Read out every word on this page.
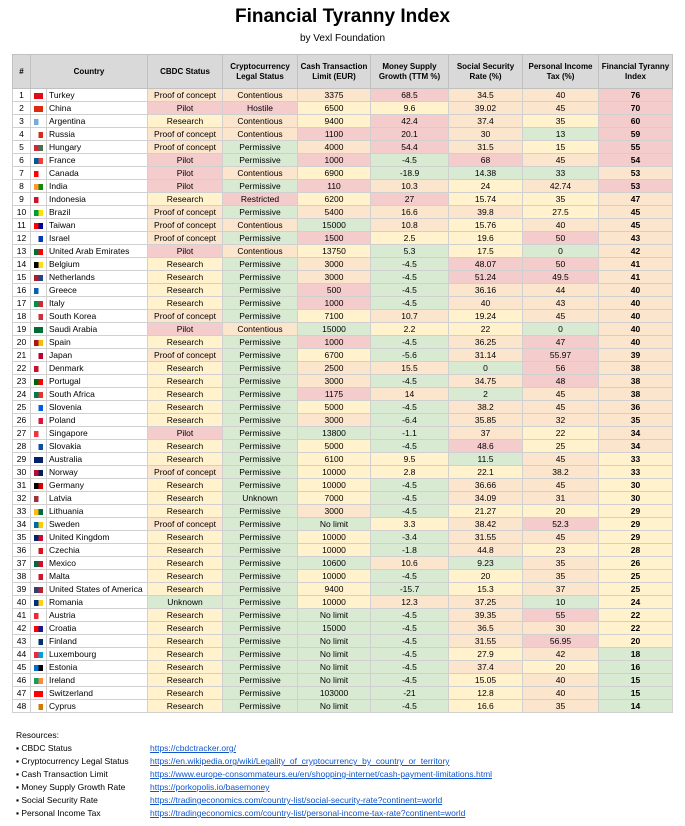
Financial Tyranny Index
by Vexl Foundation
#	Country		CBDC Status	Cryptocurrency Legal Status	Cash Transaction Limit (EUR)	Money Supply Growth (TTM %)	Social Security Rate (%)	Personal Income Tax (%)	Financial Tyranny Index
1		Turkey	Proof of concept	Contentious	3375	68.5	34.5	40	76
2		China	Pilot	Hostile	6500	9.6	39.02	45	70
3		Argentina	Research	Contentious	9400	42.4	37.4	35	60
4		Russia	Proof of concept	Contentious	1100	20.1	30	13	59
5		Hungary	Proof of concept	Permissive	4000	54.4	31.5	15	55
6		France	Pilot	Permissive	1000	-4.5	68	45	54
7		Canada	Pilot	Contentious	6900	-18.9	14.38	33	53
8		India	Pilot	Permissive	110	10.3	24	42.74	53
9		Indonesia	Research	Restricted	6200	27	15.74	35	47
10		Brazil	Proof of concept	Permissive	5400	16.6	39.8	27.5	45
11		Taiwan	Proof of concept	Contentious	15000	10.8	15.76	40	45
12		Israel	Proof of concept	Permissive	1500	2.5	19.6	50	43
13		United Arab Emirates	Pilot	Contentious	13750	5.3	17.5	0	42
14		Belgium	Research	Permissive	3000	-4.5	48.07	50	41
15		Netherlands	Research	Permissive	3000	-4.5	51.24	49.5	41
16		Greece	Research	Permissive	500	-4.5	36.16	44	40
17		Italy	Research	Permissive	1000	-4.5	40	43	40
18		South Korea	Proof of concept	Permissive	7100	10.7	19.24	45	40
19		Saudi Arabia	Pilot	Contentious	15000	2.2	22	0	40
20		Spain	Research	Permissive	1000	-4.5	36.25	47	40
21		Japan	Proof of concept	Permissive	6700	-5.6	31.14	55.97	39
22		Denmark	Research	Permissive	2500	15.5	0	56	38
23		Portugal	Research	Permissive	3000	-4.5	34.75	48	38
24		South Africa	Research	Permissive	1175	14	2	45	38
25		Slovenia	Research	Permissive	5000	-4.5	38.2	45	36
26		Poland	Research	Permissive	3000	-6.4	35.85	32	35
27		Singapore	Pilot	Permissive	13800	-1.1	37	22	34
28		Slovakia	Research	Permissive	5000	-4.5	48.6	25	34
29		Australia	Research	Permissive	6100	9.5	11.5	45	33
30		Norway	Proof of concept	Permissive	10000	2.8	22.1	38.2	33
31		Germany	Research	Permissive	10000	-4.5	36.66	45	30
32		Latvia	Research	Unknown	7000	-4.5	34.09	31	30
33		Lithuania	Research	Permissive	3000	-4.5	21.27	20	29
34		Sweden	Proof of concept	Permissive	No limit	3.3	38.42	52.3	29
35		United Kingdom	Research	Permissive	10000	-3.4	31.55	45	29
36		Czechia	Research	Permissive	10000	-1.8	44.8	23	28
37		Mexico	Research	Permissive	10600	10.6	9.23	35	26
38		Malta	Research	Permissive	10000	-4.5	20	35	25
39		United States of America	Research	Permissive	9400	-15.7	15.3	37	25
40		Romania	Unknown	Permissive	10000	12.3	37.25	10	24
41		Austria	Research	Permissive	No limit	-4.5	39.35	55	22
42		Croatia	Research	Permissive	15000	-4.5	36.5	30	22
43		Finland	Research	Permissive	No limit	-4.5	31.55	56.95	20
44		Luxembourg	Research	Permissive	No limit	-4.5	27.9	42	18
45		Estonia	Research	Permissive	No limit	-4.5	37.4	20	16
46		Ireland	Research	Permissive	No limit	-4.5	15.05	40	15
47		Switzerland	Research	Permissive	103000	-21	12.8	40	15
48		Cyprus	Research	Permissive	No limit	-4.5	16.6	35	14
Resources:
▪ CBDC Status	https://cbdctracker.org/
▪ Cryptocurrency Legal Status	https://en.wikipedia.org/wiki/Legality_of_cryptocurrency_by_country_or_territory
▪ Cash Transaction Limit	https://www.europe-consommateurs.eu/en/shopping-internet/cash-payment-limitations.html
▪ Money Supply Growth Rate	https://porkopolis.io/basemoney
▪ Social Security Rate	https://tradingeconomics.com/country-list/social-security-rate?continent=world
▪ Personal Income Tax	https://tradingeconomics.com/country-list/personal-income-tax-rate?continent=world
